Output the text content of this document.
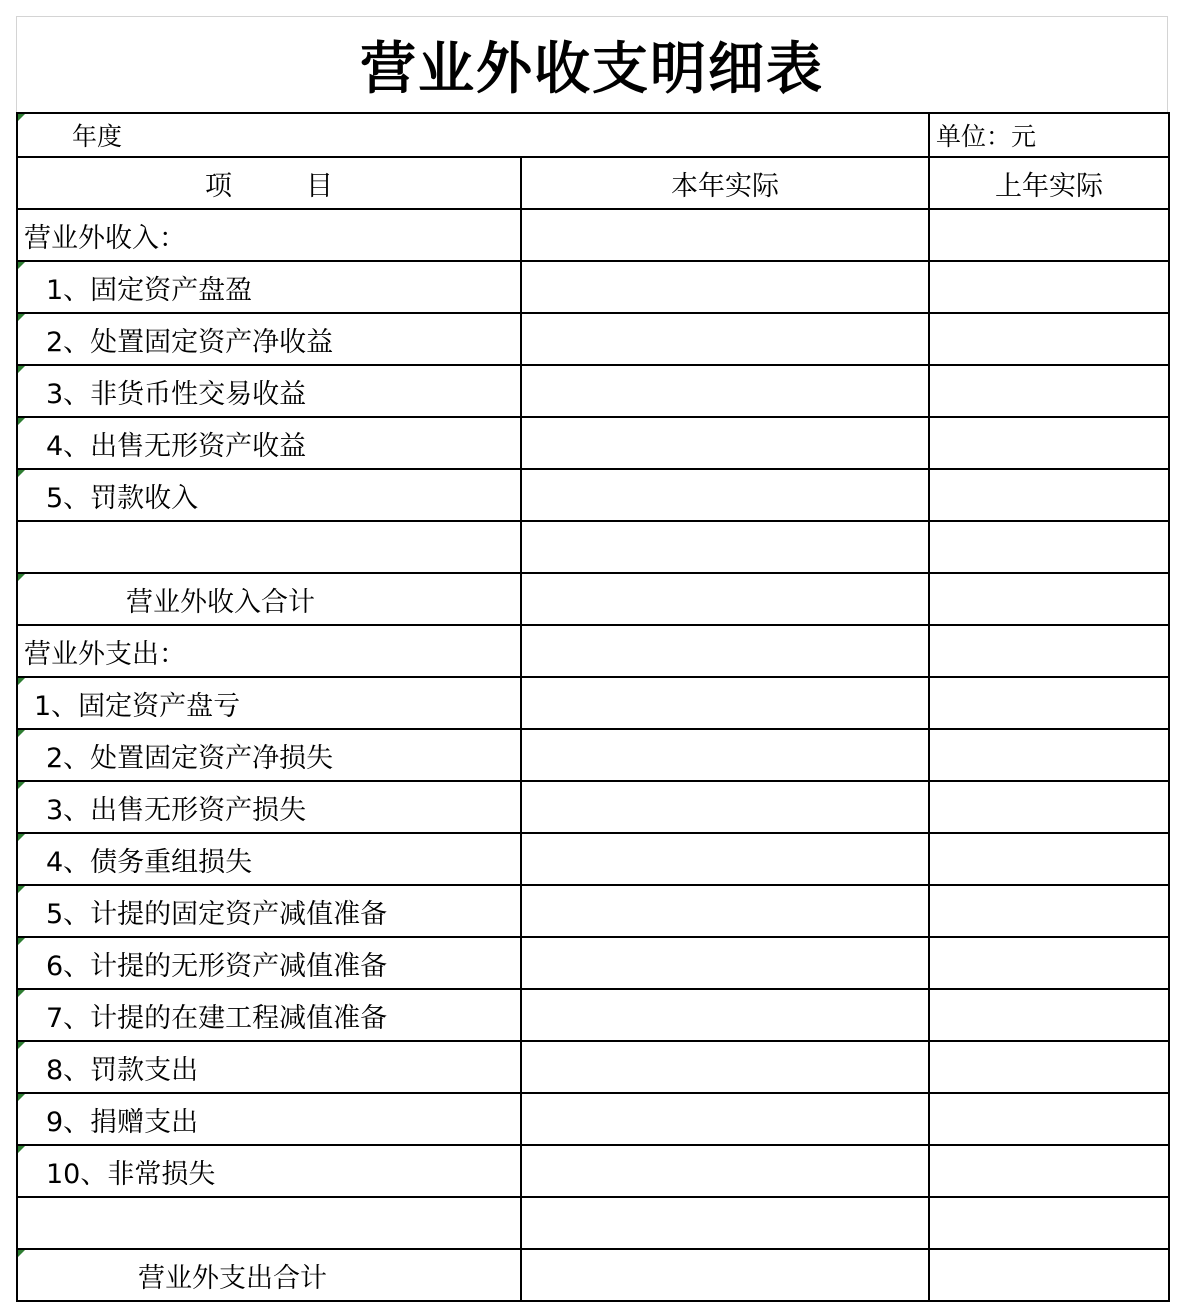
营业外收支明细表
年度		单位：元
项 目	本年实际	上年实际
营业外收入：		
1、固定资产盘盈		
2、处置固定资产净收益		
3、非货币性交易收益		
4、出售无形资产收益		
5、罚款收入		

营业外收入合计		
营业外支出：		
1、固定资产盘亏		
2、处置固定资产净损失		
3、出售无形资产损失		
4、债务重组损失		
5、计提的固定资产减值准备		
6、计提的无形资产减值准备		
7、计提的在建工程减值准备		
8、罚款支出		
9、捐赠支出		
10、非常损失		

营业外支出合计		
